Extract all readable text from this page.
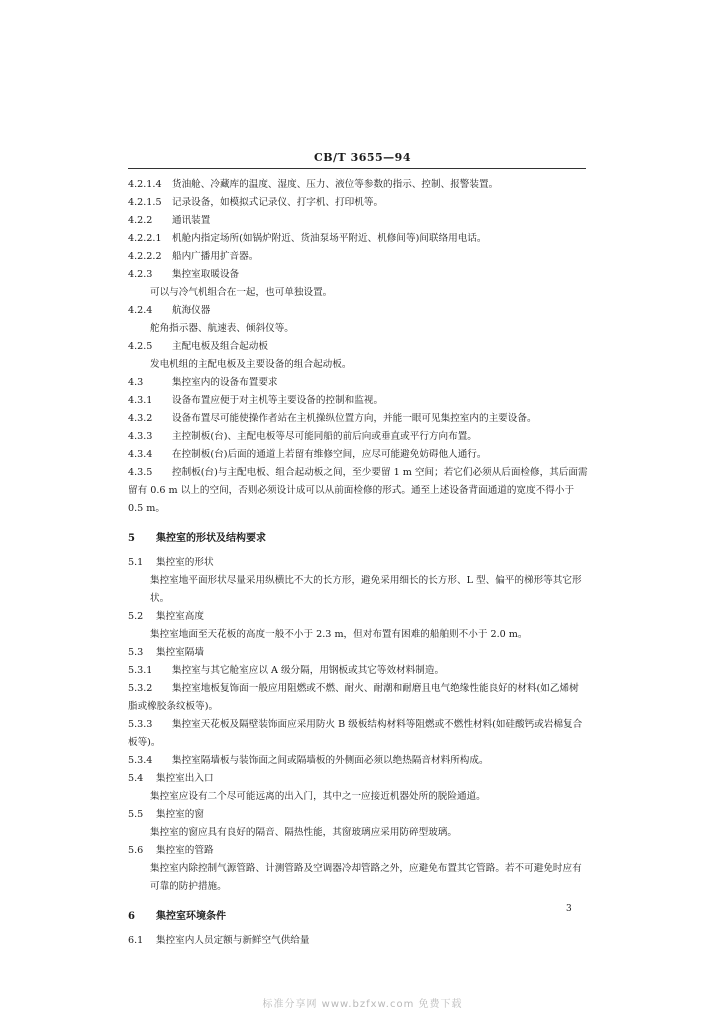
CB/T 3655—94
4.2.1.4 货油舱、冷藏库的温度、湿度、压力、液位等参数的指示、控制、报警装置。
4.2.1.5 记录设备，如模拟式记录仪、打字机、打印机等。
4.2.2 通讯装置
4.2.2.1 机舱内指定场所(如锅炉附近、货油泵场平附近、机修间等)间联络用电话。
4.2.2.2 船内广播用扩音器。
4.2.3 集控室取暖设备
可以与冷气机组合在一起，也可单独设置。
4.2.4 航海仪器
舵角指示器、航速表、倾斜仪等。
4.2.5 主配电板及组合起动板
发电机组的主配电板及主要设备的组合起动板。
4.3	集控室内的设备布置要求
4.3.1 设备布置应便于对主机等主要设备的控制和监视。
4.3.2 设备布置尽可能使操作者站在主机操纵位置方向，并能一眼可见集控室内的主要设备。
4.3.3 主控制板(台)、主配电板等尽可能同船的前后向或垂直或平行方向布置。
4.3.4 在控制板(台)后面的通道上若留有维修空间，应尽可能避免妨碍他人通行。
4.3.5 控制板(台)与主配电板、组合起动板之间，至少要留 1 m 空间；若它们必须从后面检修，其后面需留有 0.6 m 以上的空间，否则必须设计成可以从前面检修的形式。通至上述设备背面通道的宽度不得小于 0.5 m。
5 集控室的形状及结构要求
5.1 集控室的形状
集控室地平面形状尽量采用纵横比不大的长方形，避免采用细长的长方形、L 型、偏平的梯形等其它形状。
5.2 集控室高度
集控室地面至天花板的高度一般不小于 2.3 m，但对布置有困难的船舶则不小于 2.0 m。
5.3 集控室隔墙
5.3.1 集控室与其它舱室应以 A 级分隔，用钢板或其它等效材料制造。
5.3.2 集控室地板复饰面一般应用阻燃或不燃、耐火、耐潮和耐磨且电气绝缘性能良好的材料(如乙烯树脂或橡胶条纹板等)。
5.3.3 集控室天花板及隔壁装饰面应采用防火 B 级板结构材料等阻燃或不燃性材料(如硅酸钙或岩棉复合板等)。
5.3.4 集控室隔墙板与装饰面之间或隔墙板的外侧面必须以绝热隔音材料所构成。
5.4 集控室出入口
集控室应设有二个尽可能远离的出入门，其中之一应接近机器处所的脱险通道。
5.5 集控室的窗
集控室的窗应具有良好的隔音、隔热性能，其窗玻璃应采用防碎型玻璃。
5.6 集控室的管路
集控室内除控制气源管路、计测管路及空调器冷却管路之外，应避免布置其它管路。若不可避免时应有可靠的防护措施。
6 集控室环境条件
6.1 集控室内人员定额与新鲜空气供给量
3
标准分享网 www.bzfxw.com 免费下载
